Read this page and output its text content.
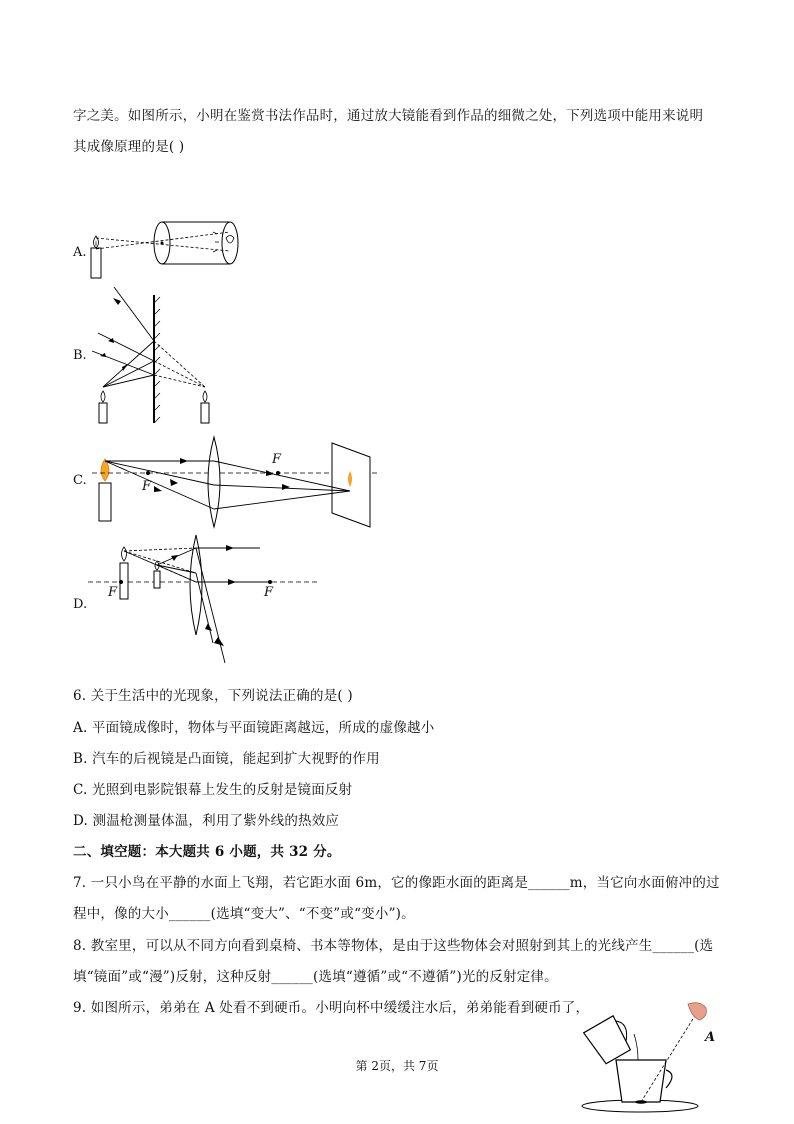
字之美。如图所示，小明在鉴赏书法作品时，通过放大镜能看到作品的细微之处，下列选项中能用来说明
其成像原理的是( )
A.
B.
C.
F
F
D.
F	F
6. 关于生活中的光现象，下列说法正确的是( )
A. 平面镜成像时，物体与平面镜距离越远，所成的虚像越小
B. 汽车的后视镜是凸面镜，能起到扩大视野的作用
C. 光照到电影院银幕上发生的反射是镜面反射
D. 测温枪测量体温，利用了紫外线的热效应
二、填空题：本大题共 6 小题，共 32 分。
7. 一只小鸟在平静的水面上飞翔，若它距水面 6m，它的像距水面的距离是______m，当它向水面俯冲的过
程中，像的大小______(选填“变大”、“不变”或“变小”)。
8. 教室里，可以从不同方向看到桌椅、书本等物体，是由于这些物体会对照射到其上的光线产生______(选
填“镜面”或“漫”)反射，这种反射______(选填“遵循”或“不遵循”)光的反射定律。
9. 如图所示，弟弟在 A 处看不到硬币。小明向杯中缓缓注水后，弟弟能看到硬币了，
A
第 2页，共 7页
